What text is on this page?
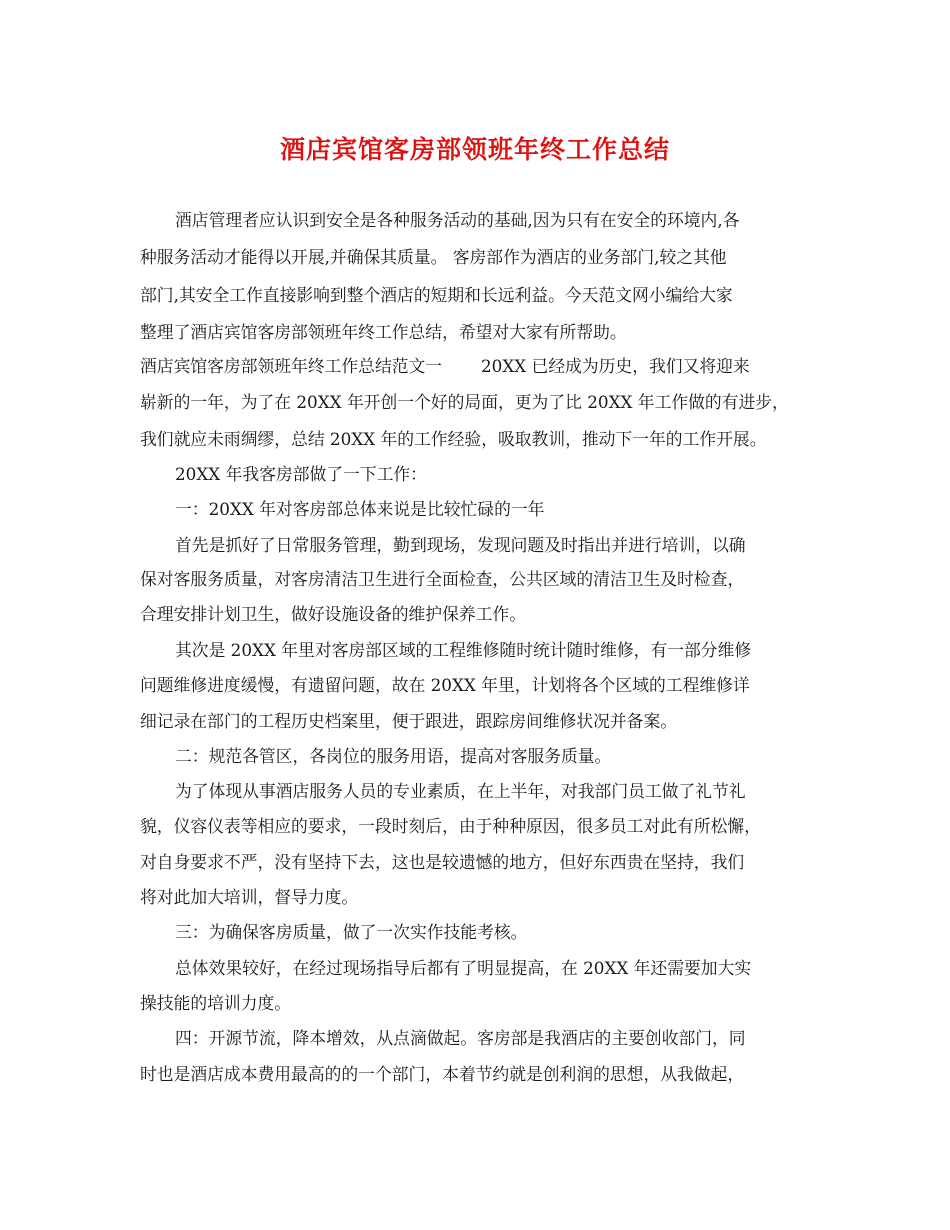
酒店宾馆客房部领班年终工作总结
酒店管理者应认识到安全是各种服务活动的基础,因为只有在安全的环境内,各
种服务活动才能得以开展,并确保其质量。 客房部作为酒店的业务部门,较之其他
部门,其安全工作直接影响到整个酒店的短期和长远利益。今天范文网小编给大家
整理了酒店宾馆客房部领班年终工作总结，希望对大家有所帮助。
酒店宾馆客房部领班年终工作总结范文一　　 20XX 已经成为历史，我们又将迎来
崭新的一年，为了在 20XX 年开创一个好的局面，更为了比 20XX 年工作做的有进步，
我们就应未雨绸缪，总结 20XX 年的工作经验，吸取教训，推动下一年的工作开展。
20XX 年我客房部做了一下工作：
一：20XX 年对客房部总体来说是比较忙碌的一年
首先是抓好了日常服务管理，勤到现场，发现问题及时指出并进行培训，以确
保对客服务质量，对客房清洁卫生进行全面检查，公共区域的清洁卫生及时检查，
合理安排计划卫生，做好设施设备的维护保养工作。
其次是 20XX 年里对客房部区域的工程维修随时统计随时维修，有一部分维修
问题维修进度缓慢，有遗留问题，故在 20XX 年里，计划将各个区域的工程维修详
细记录在部门的工程历史档案里，便于跟进，跟踪房间维修状况并备案。
二：规范各管区，各岗位的服务用语，提高对客服务质量。
为了体现从事酒店服务人员的专业素质，在上半年，对我部门员工做了礼节礼
貌，仪容仪表等相应的要求，一段时刻后，由于种种原因，很多员工对此有所松懈，
对自身要求不严，没有坚持下去，这也是较遗憾的地方，但好东西贵在坚持，我们
将对此加大培训，督导力度。
三：为确保客房质量，做了一次实作技能考核。
总体效果较好，在经过现场指导后都有了明显提高，在 20XX 年还需要加大实
操技能的培训力度。
四：开源节流，降本增效，从点滴做起。客房部是我酒店的主要创收部门，同
时也是酒店成本费用最高的的一个部门，本着节约就是创利润的思想，从我做起，
